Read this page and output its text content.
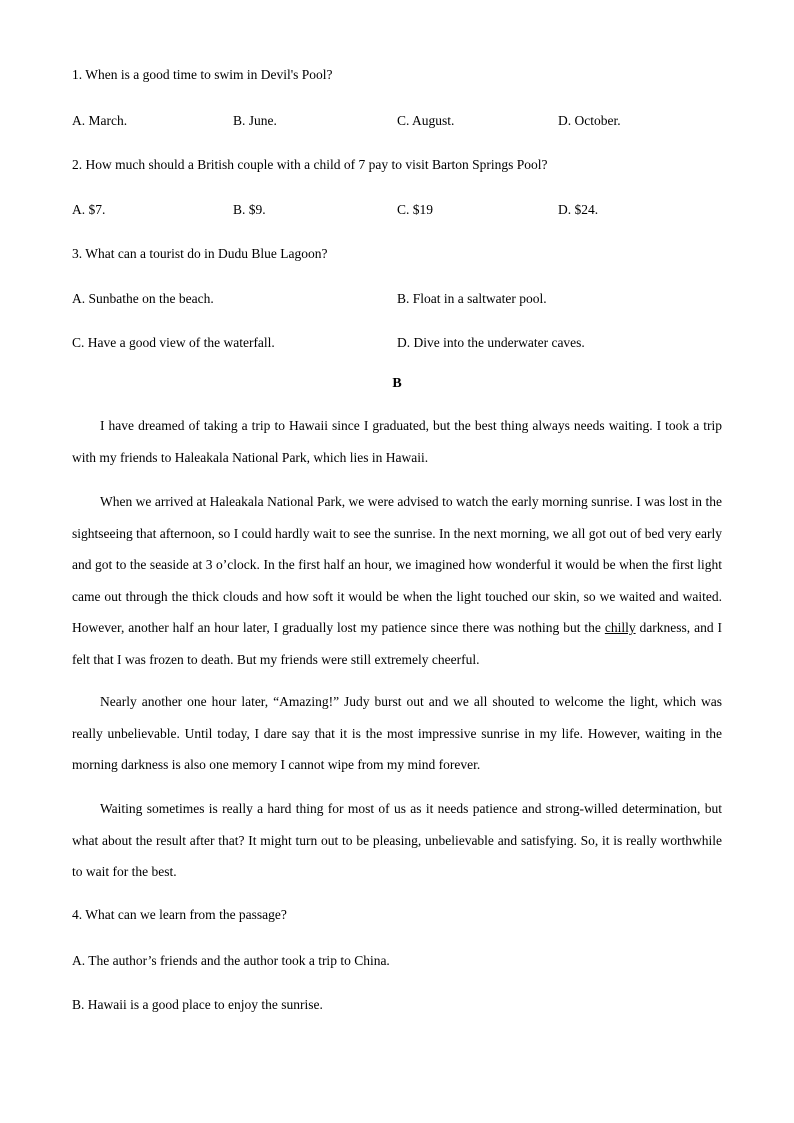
1. When is a good time to swim in Devil's Pool?
A. March.	B. June.	C. August.	D. October.
2. How much should a British couple with a child of 7 pay to visit Barton Springs Pool?
A. $7.	B. $9.	C. $19	D. $24.
3. What can a tourist do in Dudu Blue Lagoon?
A. Sunbathe on the beach.	B. Float in a saltwater pool.
C. Have a good view of the waterfall.	D. Dive into the underwater caves.
B
I have dreamed of taking a trip to Hawaii since I graduated, but the best thing always needs waiting. I took a trip with my friends to Haleakala National Park, which lies in Hawaii.
When we arrived at Haleakala National Park, we were advised to watch the early morning sunrise. I was lost in the sightseeing that afternoon, so I could hardly wait to see the sunrise. In the next morning, we all got out of bed very early and got to the seaside at 3 o’clock. In the first half an hour, we imagined how wonderful it would be when the first light came out through the thick clouds and how soft it would be when the light touched our skin, so we waited and waited. However, another half an hour later, I gradually lost my patience since there was nothing but the chilly darkness, and I felt that I was frozen to death. But my friends were still extremely cheerful.
Nearly another one hour later, “Amazing!” Judy burst out and we all shouted to welcome the light, which was really unbelievable. Until today, I dare say that it is the most impressive sunrise in my life. However, waiting in the morning darkness is also one memory I cannot wipe from my mind forever.
Waiting sometimes is really a hard thing for most of us as it needs patience and strong-willed determination, but what about the result after that? It might turn out to be pleasing, unbelievable and satisfying. So, it is really worthwhile to wait for the best.
4. What can we learn from the passage?
A. The author’s friends and the author took a trip to China.
B. Hawaii is a good place to enjoy the sunrise.
